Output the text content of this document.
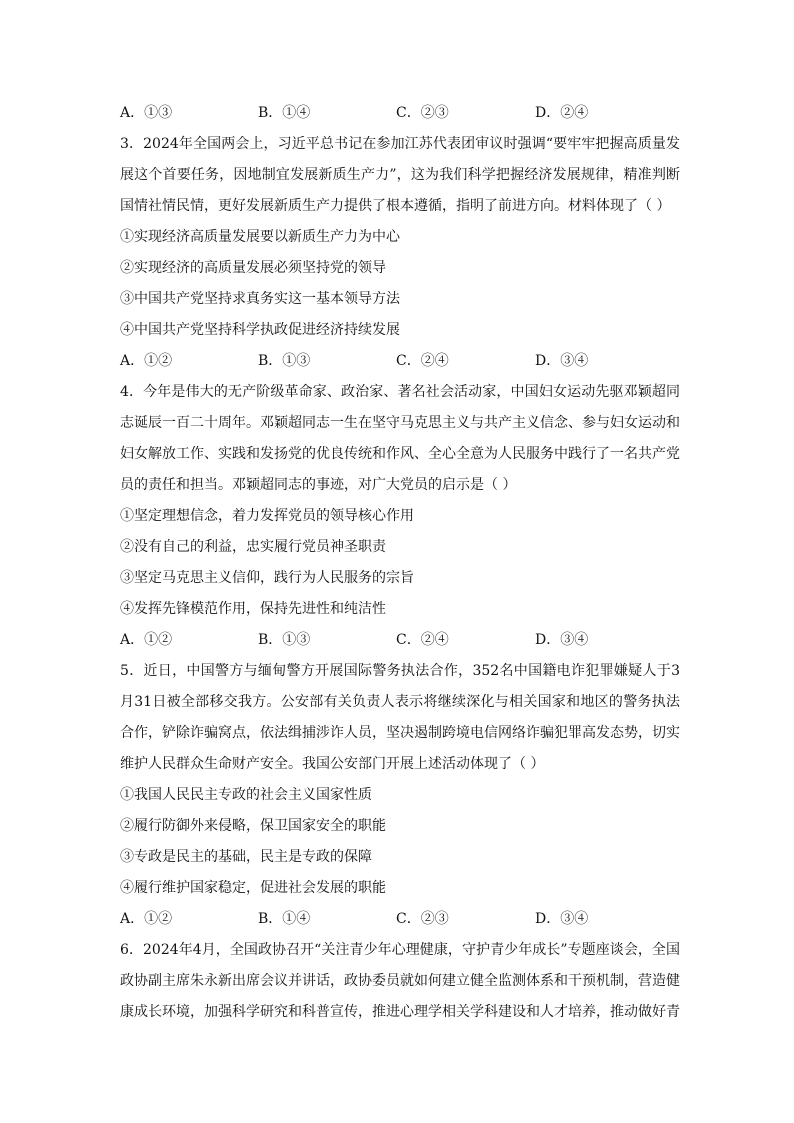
A．①③	B．①④	C．②③	D．②④
3．2024年全国两会上，习近平总书记在参加江苏代表团审议时强调“要牢牢把握高质量发展这个首要任务，因地制宜发展新质生产力”，这为我们科学把握经济发展规律，精准判断国情社情民情，更好发展新质生产力提供了根本遵循，指明了前进方向。材料体现了（ ）
①实现经济高质量发展要以新质生产力为中心
②实现经济的高质量发展必须坚持党的领导
③中国共产党坚持求真务实这一基本领导方法
④中国共产党坚持科学执政促进经济持续发展
A．①②	B．①③	C．②④	D．③④
4．今年是伟大的无产阶级革命家、政治家、著名社会活动家，中国妇女运动先驱邓颖超同志诞辰一百二十周年。邓颖超同志一生在坚守马克思主义与共产主义信念、参与妇女运动和妇女解放工作、实践和发扬党的优良传统和作风、全心全意为人民服务中践行了一名共产党员的责任和担当。邓颖超同志的事迹，对广大党员的启示是（ ）
①坚定理想信念，着力发挥党员的领导核心作用
②没有自己的利益，忠实履行党员神圣职责
③坚定马克思主义信仰，践行为人民服务的宗旨
④发挥先锋模范作用，保持先进性和纯洁性
A．①②	B．①③	C．②④	D．③④
5．近日，中国警方与缅甸警方开展国际警务执法合作，352名中国籍电诈犯罪嫌疑人于3月31日被全部移交我方。公安部有关负责人表示将继续深化与相关国家和地区的警务执法合作，铲除诈骗窝点，依法缉捕涉诈人员，坚决遏制跨境电信网络诈骗犯罪高发态势，切实维护人民群众生命财产安全。我国公安部门开展上述活动体现了（ ）
①我国人民民主专政的社会主义国家性质
②履行防御外来侵略，保卫国家安全的职能
③专政是民主的基础，民主是专政的保障
④履行维护国家稳定，促进社会发展的职能
A．①②	B．①④	C．②③	D．③④
6．2024年4月，全国政协召开“关注青少年心理健康，守护青少年成长”专题座谈会，全国政协副主席朱永新出席会议并讲话，政协委员就如何建立健全监测体系和干预机制，营造健康成长环境，加强科学研究和科普宣传，推进心理学相关学科建设和人才培养，推动做好青
